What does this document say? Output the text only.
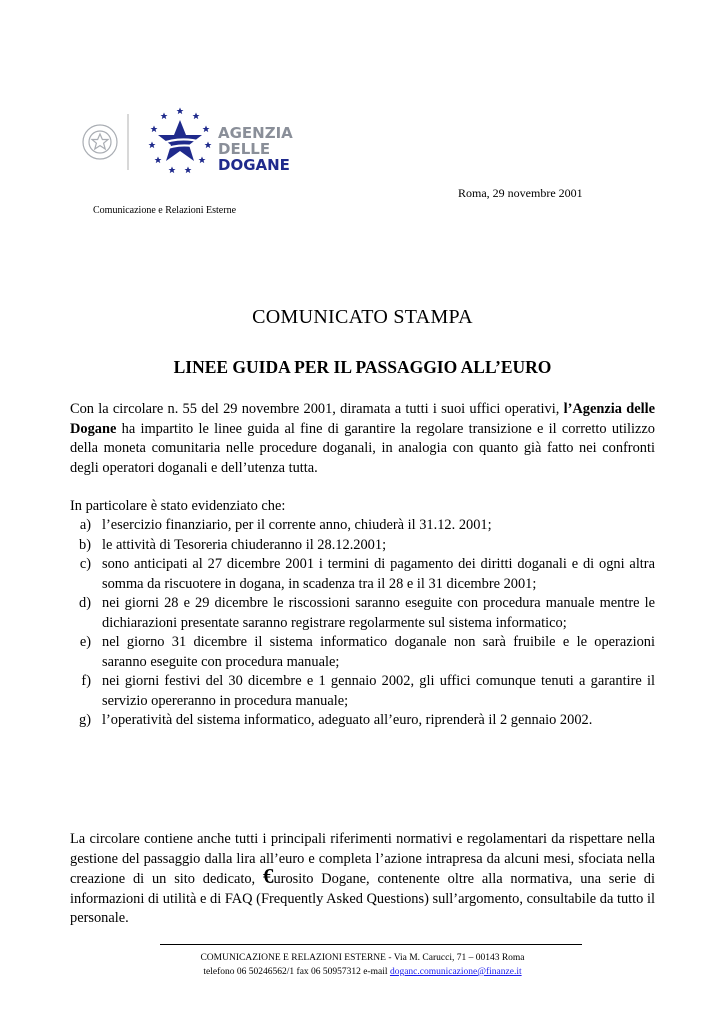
AGENZIA
DELLE
DOGANE
Roma, 29 novembre 2001
Comunicazione e Relazioni Esterne
COMUNICATO STAMPA
LINEE GUIDA PER IL PASSAGGIO ALL’EURO
Con la circolare n. 55 del 29 novembre 2001, diramata a tutti i suoi uffici operativi, l’Agenzia delle Dogane ha impartito le linee guida al fine di garantire la regolare transizione e il corretto utilizzo della moneta comunitaria nelle procedure doganali, in analogia con quanto già fatto nei confronti degli operatori doganali e dell’utenza tutta.
In particolare è stato evidenziato che:
a) l’esercizio finanziario, per il corrente anno, chiuderà il 31.12. 2001;
b) le attività di Tesoreria chiuderanno il 28.12.2001;
c) sono anticipati al 27 dicembre 2001 i termini di pagamento dei diritti doganali e di ogni altra somma da riscuotere in dogana, in scadenza tra il 28 e il 31 dicembre 2001;
d) nei giorni 28 e 29 dicembre le riscossioni saranno eseguite con procedura manuale mentre le dichiarazioni presentate saranno registrare regolarmente sul sistema informatico;
e) nel giorno 31 dicembre il sistema informatico doganale non sarà fruibile e le operazioni saranno eseguite con procedura manuale;
f) nei giorni festivi del 30 dicembre e 1 gennaio 2002, gli uffici comunque tenuti a garantire il servizio opereranno in procedura manuale;
g) l’operatività del sistema informatico, adeguato all’euro, riprenderà il 2 gennaio 2002.
La circolare contiene anche tutti i principali riferimenti normativi e regolamentari da rispettare nella gestione del passaggio dalla lira all’euro e completa l’azione intrapresa da alcuni mesi, sfociata nella creazione di un sito dedicato, €urosito Dogane, contenente oltre alla normativa, una serie di informazioni di utilità e di FAQ (Frequently Asked Questions) sull’argomento, consultabile da tutto il personale.
COMUNICAZIONE E RELAZIONI ESTERNE - Via M. Carucci, 71 – 00143 Roma
telefono 06 50246562/1 fax 06 50957312 e-mail doganc.comunicazione@finanze.it
